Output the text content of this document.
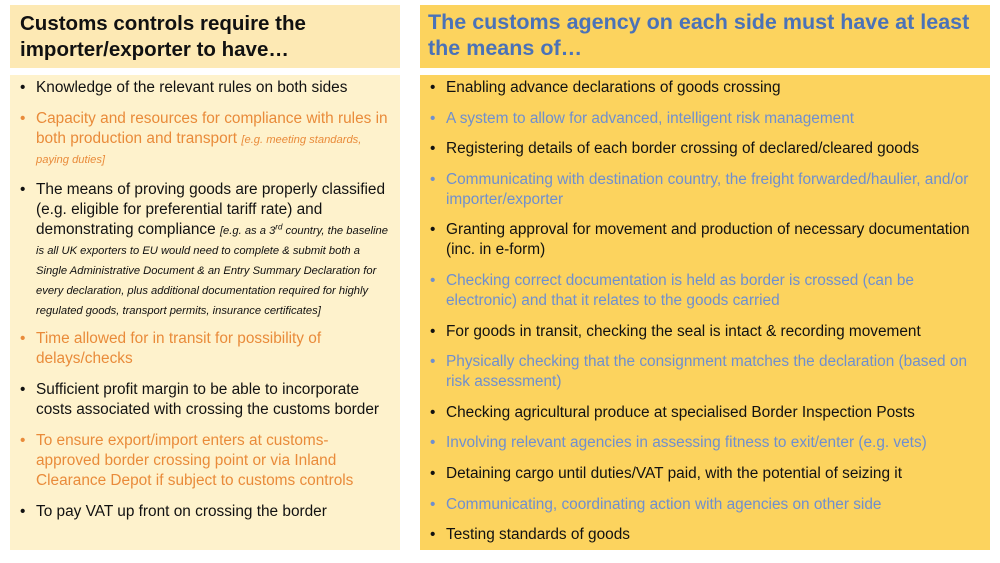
Customs controls require the importer/exporter to have…
The customs agency on each side must have at least the means of…
• Knowledge of the relevant rules on both sides
• Capacity and resources for compliance with rules in both production and transport [e.g. meeting standards, paying duties]
• The means of proving goods are properly classified (e.g. eligible for preferential tariff rate) and demonstrating compliance [e.g. as a 3rd country, the baseline is all UK exporters to EU would need to complete & submit both a Single Administrative Document & an Entry Summary Declaration for every declaration, plus additional documentation required for highly regulated goods, transport permits, insurance certificates]
• Time allowed for in transit for possibility of delays/checks
• Sufficient profit margin to be able to incorporate costs associated with crossing the customs border
• To ensure export/import enters at customs-approved border crossing point or via Inland Clearance Depot if subject to customs controls
• To pay VAT up front on crossing the border
• Enabling advance declarations of goods crossing
• A system to allow for advanced, intelligent risk management
• Registering details of each border crossing of declared/cleared goods
• Communicating with destination country, the freight forwarded/haulier, and/or importer/exporter
• Granting approval for movement and production of necessary documentation (inc. in e-form)
• Checking correct documentation is held as border is crossed (can be electronic) and that it relates to the goods carried
• For goods in transit, checking the seal is intact & recording movement
• Physically checking that the consignment matches the declaration (based on risk assessment)
• Checking agricultural produce at specialised Border Inspection Posts
• Involving relevant agencies in assessing fitness to exit/enter (e.g. vets)
• Detaining cargo until duties/VAT paid, with the potential of seizing it
• Communicating, coordinating action with agencies on other side
• Testing standards of goods
